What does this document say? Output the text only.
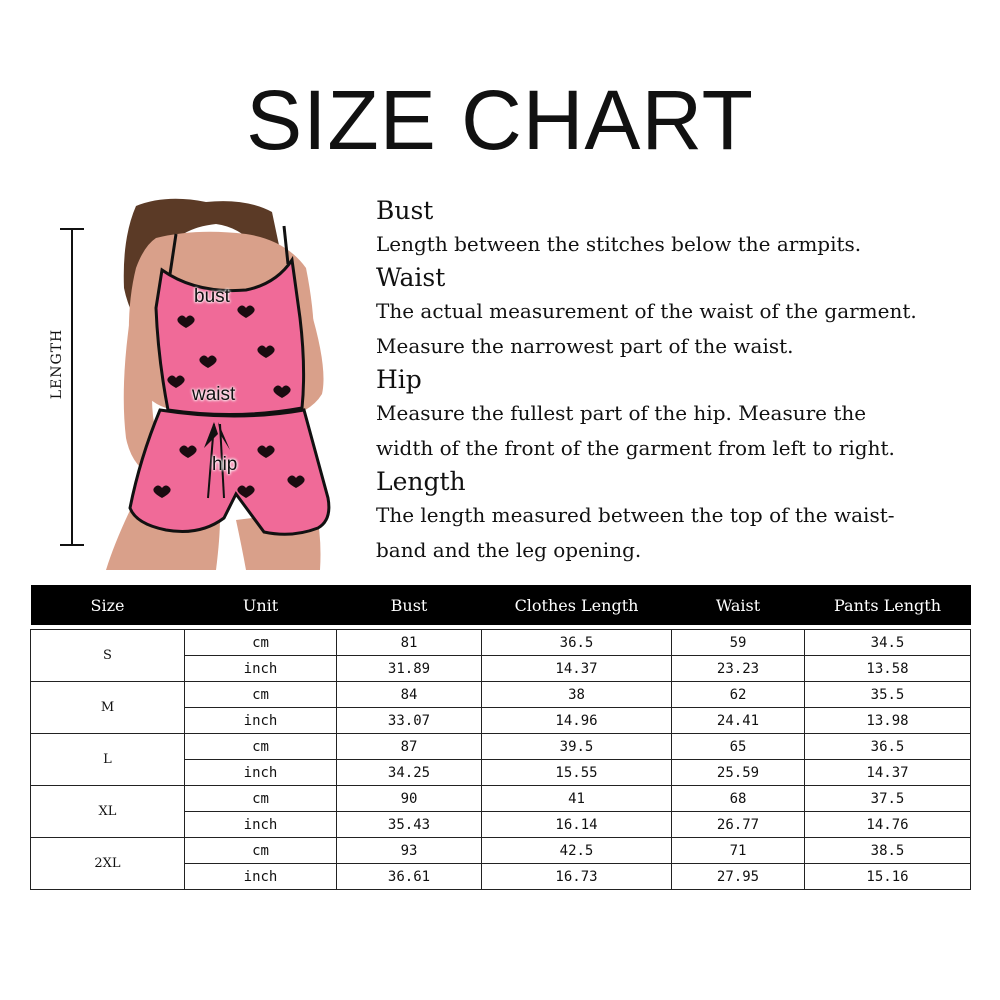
SIZE CHART
LENGTH
bust
waist
hip
Bust
Length between the stitches below the armpits.
Waist
The actual measurement of the waist of the garment.
Measure the narrowest part of the waist.
Hip
Measure the fullest part of the hip. Measure the
width of the front of the garment from left to right.
Length
The length measured between the top of the waist-
band and the leg opening.
Size	Unit	Bust	Clothes Length	Waist	Pants Length

S	cm	81	36.5	59	34.5
	inch	31.89	14.37	23.23	13.58
M	cm	84	38	62	35.5
	inch	33.07	14.96	24.41	13.98
L	cm	87	39.5	65	36.5
	inch	34.25	15.55	25.59	14.37
XL	cm	90	41	68	37.5
	inch	35.43	16.14	26.77	14.76
2XL	cm	93	42.5	71	38.5
	inch	36.61	16.73	27.95	15.16
